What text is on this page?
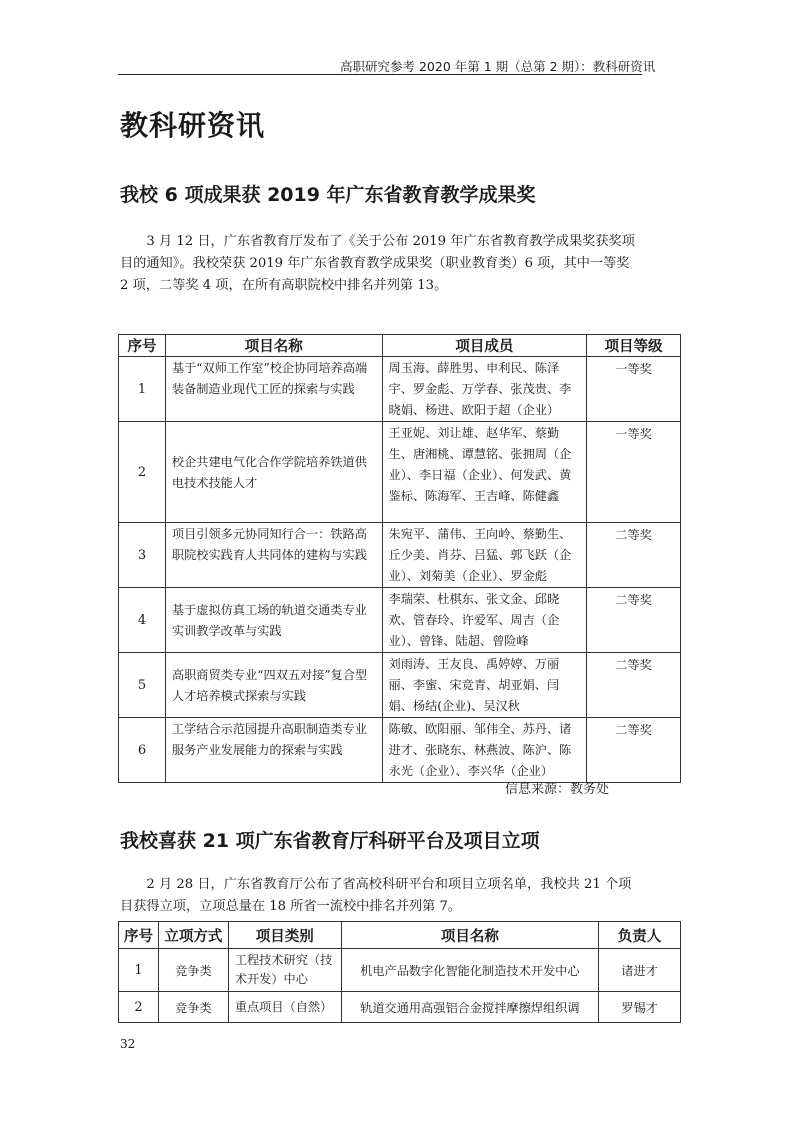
高职研究参考 2020 年第 1 期（总第 2 期）：教科研资讯
教科研资讯
我校 6 项成果获 2019 年广东省教育教学成果奖
3 月 12 日，广东省教育厅发布了《关于公布 2019 年广东省教育教学成果奖获奖项目的通知》。我校荣获 2019 年广东省教育教学成果奖（职业教育类）6 项，其中一等奖 2 项，二等奖 4 项，在所有高职院校中排名并列第 13。
序号	项目名称	项目成员	项目等级
1	基于“双师工作室”校企协同培养高端装备制造业现代工匠的探索与实践	周玉海、薛胜男、申利民、陈泽宇、罗金彪、万学春、张茂贵、李晓娟、杨进、欧阳于超（企业）	一等奖
2	校企共建电气化合作学院培养铁道供电技术技能人才	王亚妮、刘让雄、赵华军、蔡勤生、唐湘桃、谭慧铭、张拥周（企业）、李日福（企业）、何发武、黄鉴标、陈海军、王吉峰、陈健鑫	一等奖
3	项目引领多元协同知行合一：铁路高职院校实践育人共同体的建构与实践	朱宛平、蒲伟、王向岭、蔡勤生、丘少美、肖芬、吕猛、郭飞跃（企业）、刘菊美（企业）、罗金彪	二等奖
4	基于虚拟仿真工场的轨道交通类专业实训教学改革与实践	李瑞荣、杜棋东、张文金、邱晓欢、管春玲、许爱军、周吉（企业）、曾锋、陆超、曾险峰	二等奖
5	高职商贸类专业“四双五对接”复合型人才培养模式探索与实践	刘雨涛、王友良、禹婷婷、万丽丽、李蜜、宋竞青、胡亚娟、闫娟、杨结(企业)、吴汉秋	二等奖
6	工学结合示范园提升高职制造类专业服务产业发展能力的探索与实践	陈敏、欧阳丽、邹伟全、苏丹、诸进才、张晓东、林燕波、陈沪、陈永光（企业）、李兴华（企业）	二等奖
信息来源：教务处
我校喜获 21 项广东省教育厅科研平台及项目立项
2 月 28 日，广东省教育厅公布了省高校科研平台和项目立项名单，我校共 21 个项目获得立项，立项总量在 18 所省一流校中排名并列第 7。
序号	立项方式	项目类别	项目名称	负责人
1	竞争类	工程技术研究（技术开发）中心	机电产品数字化智能化制造技术开发中心	诸进才
2	竞争类	重点项目（自然）	轨道交通用高强铝合金搅拌摩擦焊组织调	罗锡才
32
